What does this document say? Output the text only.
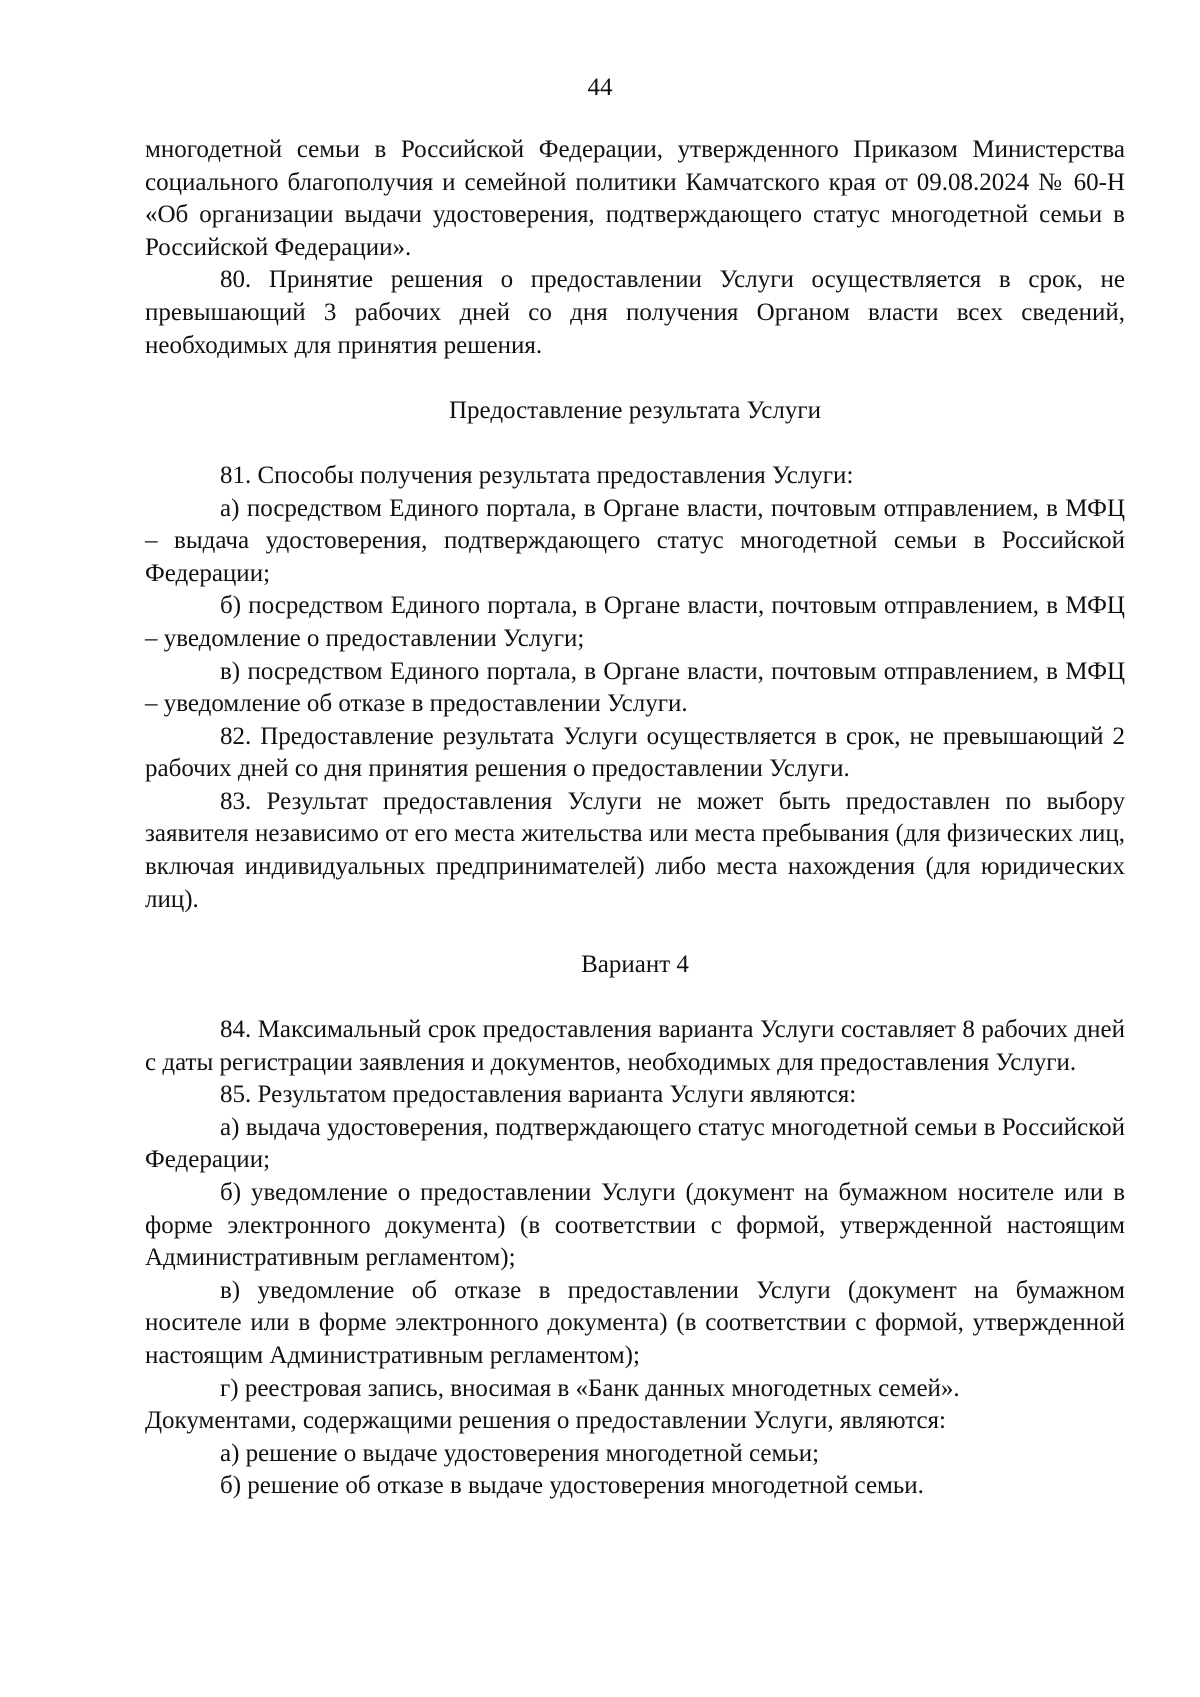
44

многодетной семьи в Российской Федерации, утвержденного Приказом Министерства социального благополучия и семейной политики Камчатского края от 09.08.2024 № 60-Н «Об организации выдачи удостоверения, подтверждающего статус многодетной семьи в Российской Федерации».

80. Принятие решения о предоставлении Услуги осуществляется в срок, не превышающий 3 рабочих дней со дня получения Органом власти всех сведений, необходимых для принятия решения.

Предоставление результата Услуги

81. Способы получения результата предоставления Услуги:

а) посредством Единого портала, в Органе власти, почтовым отправлением, в МФЦ – выдача удостоверения, подтверждающего статус многодетной семьи в Российской Федерации;

б) посредством Единого портала, в Органе власти, почтовым отправлением, в МФЦ – уведомление о предоставлении Услуги;

в) посредством Единого портала, в Органе власти, почтовым отправлением, в МФЦ – уведомление об отказе в предоставлении Услуги.

82. Предоставление результата Услуги осуществляется в срок, не превышающий 2 рабочих дней со дня принятия решения о предоставлении Услуги.

83. Результат предоставления Услуги не может быть предоставлен по выбору заявителя независимо от его места жительства или места пребывания (для физических лиц, включая индивидуальных предпринимателей) либо места нахождения (для юридических лиц).

Вариант 4

84. Максимальный срок предоставления варианта Услуги составляет 8 рабочих дней с даты регистрации заявления и документов, необходимых для предоставления Услуги.

85. Результатом предоставления варианта Услуги являются:

а) выдача удостоверения, подтверждающего статус многодетной семьи в Российской Федерации;

б) уведомление о предоставлении Услуги (документ на бумажном носителе или в форме электронного документа) (в соответствии с формой, утвержденной настоящим Административным регламентом);

в) уведомление об отказе в предоставлении Услуги (документ на бумажном носителе или в форме электронного документа) (в соответствии с формой, утвержденной настоящим Административным регламентом);

г) реестровая запись, вносимая в «Банк данных многодетных семей».

Документами, содержащими решения о предоставлении Услуги, являются:

а) решение о выдаче удостоверения многодетной семьи;

б) решение об отказе в выдаче удостоверения многодетной семьи.
